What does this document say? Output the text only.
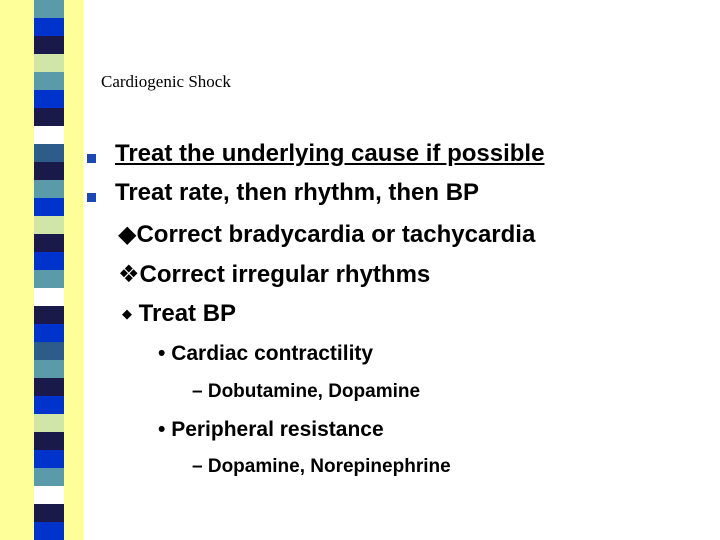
Cardiogenic Shock
Treat the underlying cause if possible
Treat rate, then rhythm, then BP
◆Correct bradycardia or tachycardia
❖Correct irregular rhythms
◆ Treat BP
• Cardiac contractility
– Dobutamine, Dopamine
• Peripheral resistance
– Dopamine, Norepinephrine
